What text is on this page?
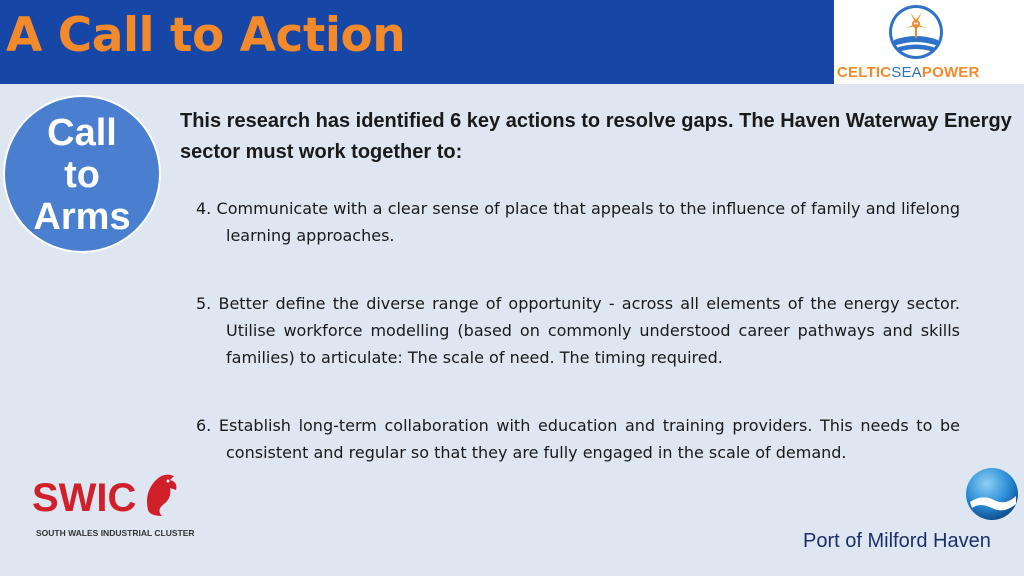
A Call to Action
CELTICSEAPOWER
Call
to
Arms

This research has identified 6 key actions to resolve gaps. The Haven Waterway Energy sector must work together to:

4. Communicate with a clear sense of place that appeals to the influence of family and lifelong learning approaches.

5. Better define the diverse range of opportunity - across all elements of the energy sector. Utilise workforce modelling (based on commonly understood career pathways and skills families) to articulate: The scale of need. The timing required.

6. Establish long-term collaboration with education and training providers. This needs to be consistent and regular so that they are fully engaged in the scale of demand.

SWIC
SOUTH WALES INDUSTRIAL CLUSTER	Port of Milford Haven
